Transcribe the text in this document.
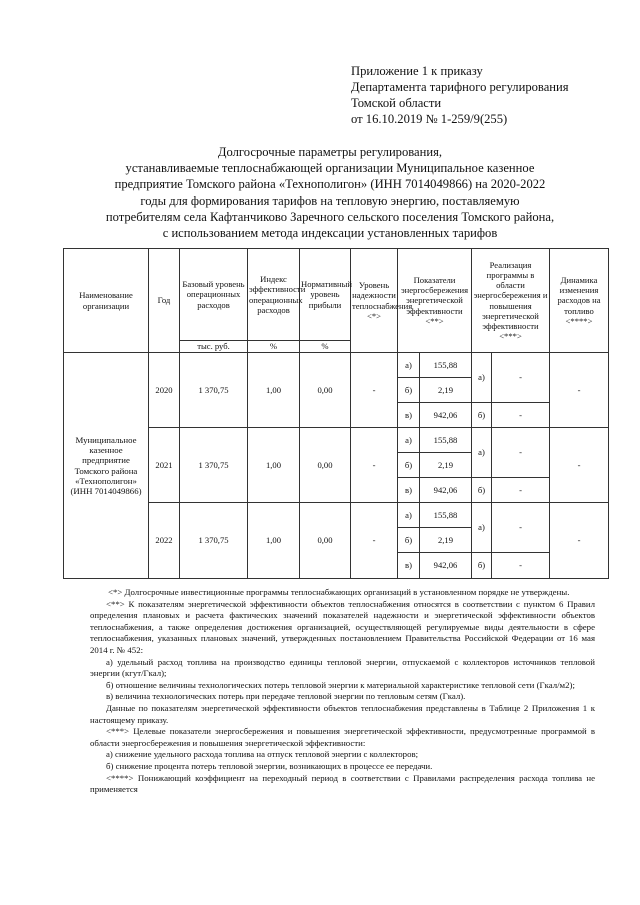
Приложение 1 к приказу
Департамента тарифного регулирования
Томской области
от 16.10.2019 № 1-259/9(255)
Долгосрочные параметры регулирования,
устанавливаемые теплоснабжающей организации Муниципальное казенное
предприятие Томского района «Технополигон» (ИНН 7014049866) на 2020-2022
годы для формирования тарифов на тепловую энергию, поставляемую
потребителям села Кафтанчиково Заречного сельского поселения Томского района,
с использованием метода индексации установленных тарифов
Наименование организации	Год	Базовый уровень операционных расходов	Индекс эффективности операционных расходов	Нормативный уровень прибыли	Уровень надежности теплоснабжения <*>	Показатели энергосбережения энергетической эффективности <**>		Реализация программы в области энергосбережения и повышения энергетической эффективности <***>		Динамика изменения расходов на топливо <****>
		тыс. руб.	%	%						
Муниципальное казенное предприятие Томского района «Технополигон» (ИНН 7014049866)	2020	1 370,75	1,00	0,00	-	а)	155,88	а)	-	-
						б)	2,19			
						в)	942,06	б)	-	
	2021	1 370,75	1,00	0,00	-	а)	155,88	а)	-	-
						б)	2,19			
						в)	942,06	б)	-	
	2022	1 370,75	1,00	0,00	-	а)	155,88	а)	-	-
						б)	2,19			
						в)	942,06	б)	-	

<*> Долгосрочные инвестиционные программы теплоснабжающих организаций в установленном порядке не утверждены.

<**> К показателям энергетической эффективности объектов теплоснабжения относятся в соответствии с пунктом 6 Правил определения плановых и расчета фактических значений показателей надежности и энергетической эффективности объектов теплоснабжения, а также определения достижения организацией, осуществляющей регулируемые виды деятельности в сфере теплоснабжения, указанных плановых значений, утвержденных постановлением Правительства Российской Федерации от 16 мая 2014 г. № 452:

а) удельный расход топлива на производство единицы тепловой энергии, отпускаемой с коллекторов источников тепловой энергии (кгут/Гкал);

б) отношение величины технологических потерь тепловой энергии к материальной характеристике тепловой сети (Гкал/м2);

в) величина технологических потерь при передаче тепловой энергии по тепловым сетям (Гкал).

Данные по показателям энергетической эффективности объектов теплоснабжения представлены в Таблице 2 Приложения 1 к настоящему приказу.

<***> Целевые показатели энергосбережения и повышения энергетической эффективности, предусмотренные программой в области энергосбережения и повышения энергетической эффективности:

а) снижение удельного расхода топлива на отпуск тепловой энергии с коллекторов;

б) снижение процента потерь тепловой энергии, возникающих в процессе ее передачи.

<****> Понижающий коэффициент на переходный период в соответствии с Правилами распределения расхода топлива не применяется
